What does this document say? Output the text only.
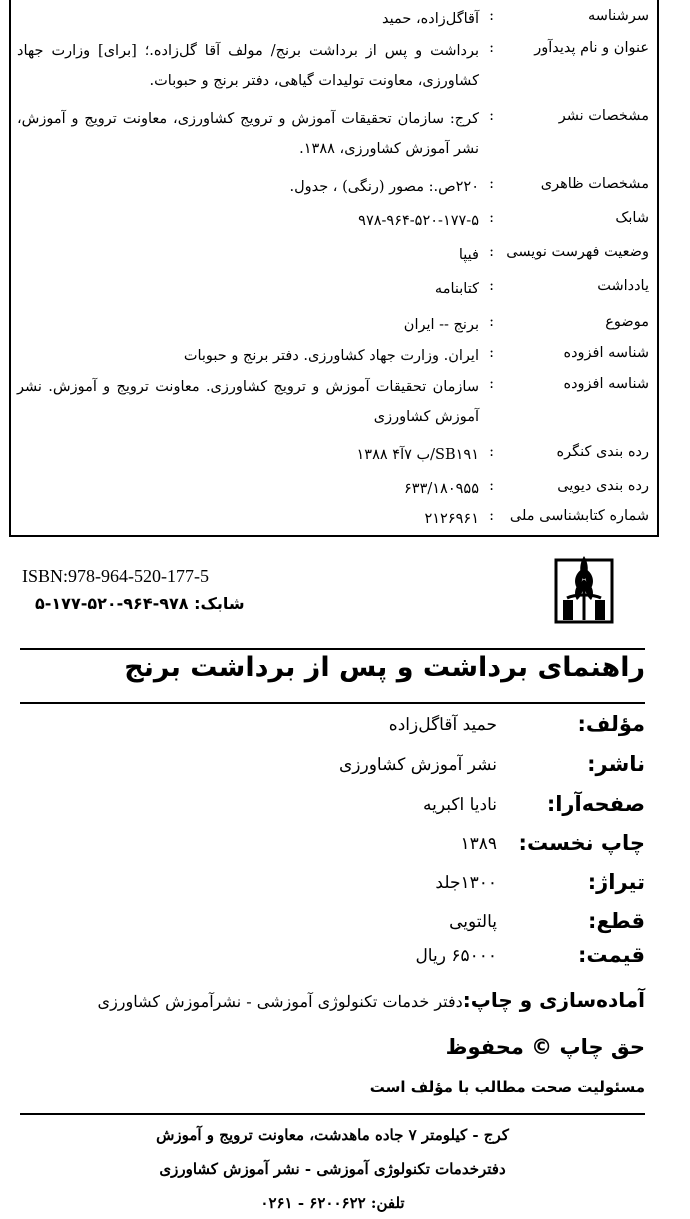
سرشناسه
:
آقاگل‌زاده، حمید
عنوان و نام پدیدآور
:
برداشت و پس از برداشت برنج/ مولف آقا گل‌زاده.؛ [برای] وزارت جهاد کشاورزی، معاونت تولیدات گیاهی، دفتر برنج و حبوبات.
مشخصات نشر
:
کرج: سازمان تحقیقات آموزش و ترویج کشاورزی، معاونت ترویج و آموزش، نشر آموزش کشاورزی، ۱۳۸۸.
مشخصات ظاهری
:
۲۲۰ص.: مصور (رنگی) ، جدول.
شابک
:
۹۷۸-۹۶۴-۵۲۰-۱۷۷-۵
وضعیت فهرست نویسی
:
فیپا
یادداشت
:
کتابنامه
موضوع
:
برنج -- ایران
شناسه افزوده
:
ایران. وزارت جهاد کشاورزی. دفتر برنج و حبوبات
شناسه افزوده
:
سازمان تحقیقات آموزش و ترویج کشاورزی. معاونت ترویج و آموزش. نشر آموزش کشاورزی
رده بندی کنگره
:
SB۱۹۱/ب ۷آ۴ ۱۳۸۸
رده بندی دیویی
:
۶۳۳/۱۸۰۹۵۵
شماره کتابشناسی ملی
:
۲۱۲۶۹۶۱
ISBN:978-964-520-177-5
شابک: ۹۷۸-۹۶۴-۵۲۰-۱۷۷-۵
راهنمای برداشت و پس از برداشت برنج
مؤلف:
حمید آقاگل‌زاده
ناشر:
نشر آموزش کشاورزی
صفحه‌آرا:
نادیا اکبریه
چاپ نخست:
۱۳۸۹
تیراژ:
۱۳۰۰جلد
قطع:
پالتویی
قیمت:
۶۵۰۰۰ ریال
آماده‌سازی و چاپ:دفتر خدمات تکنولوژی آموزشی - نشرآموزش کشاورزی
حق چاپ © محفوظ
مسئولیت صحت مطالب با مؤلف است
کرج - کیلومتر ۷ جاده ماهدشت، معاونت ترویج و آموزش
دفترخدمات تکنولوژی آموزشی - نشر آموزش کشاورزی
تلفن: ۶۲۰۰۶۲۲ - ۰۲۶۱
